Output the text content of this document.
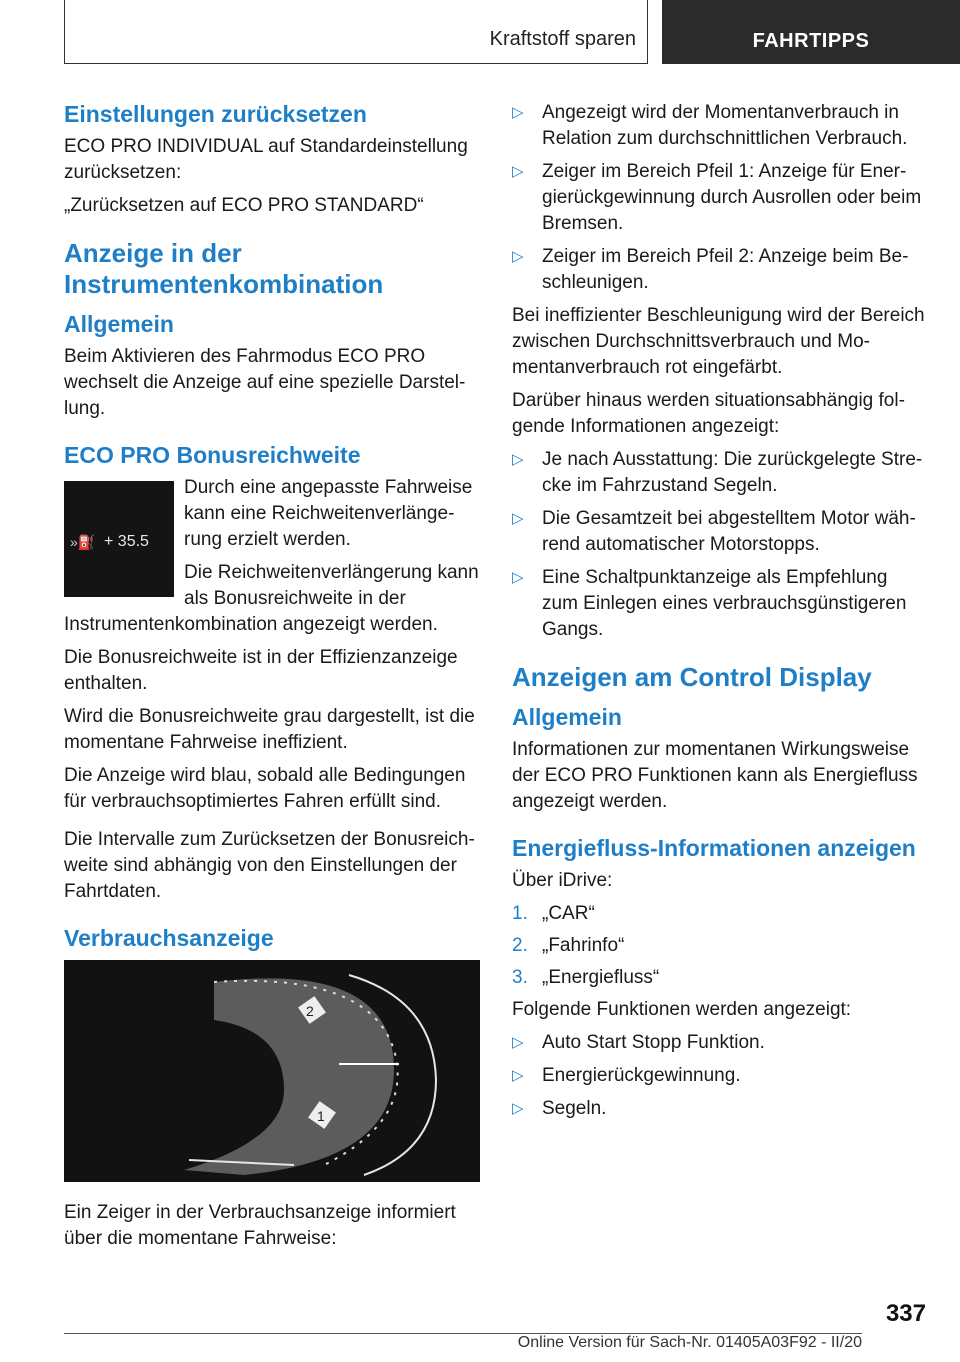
Kraftstoff sparen	FAHRTIPPS
Einstellungen zurücksetzen

ECO PRO INDIVIDUAL auf Standardeinstellung zurücksetzen:

„Zurücksetzen auf ECO PRO STANDARD“

Anzeige in der Instrumentenkombination
Allgemein

Beim Aktivieren des Fahrmodus ECO PRO wechselt die Anzeige auf eine spezielle Darstellung.

ECO PRO Bonusreichweite
»⛽ + 35.5

Durch eine angepasste Fahrweise kann eine Reichweitenverlängerung erzielt werden.

Die Reichweitenverlängerung kann als Bonusreichweite in der Instrumentenkombination angezeigt werden.

Die Bonusreichweite ist in der Effizienzanzeige enthalten.

Wird die Bonusreichweite grau dargestellt, ist die momentane Fahrweise ineffizient.

Die Anzeige wird blau, sobald alle Bedingungen für verbrauchsoptimiertes Fahren erfüllt sind.

Die Intervalle zum Zurücksetzen der Bonusreichweite sind abhängig von den Einstellungen der Fahrtdaten.

Verbrauchsanzeige
2
1

Ein Zeiger in der Verbrauchsanzeige informiert über die momentane Fahrweise:

▷ Angezeigt wird der Momentanverbrauch in Relation zum durchschnittlichen Verbrauch.
▷ Zeiger im Bereich Pfeil 1: Anzeige für Energierückgewinnung durch Ausrollen oder beim Bremsen.
▷ Zeiger im Bereich Pfeil 2: Anzeige beim Beschleunigen.

Bei ineffizienter Beschleunigung wird der Bereich zwischen Durchschnittsverbrauch und Momentanverbrauch rot eingefärbt.

Darüber hinaus werden situationsabhängig folgende Informationen angezeigt:

▷ Je nach Ausstattung: Die zurückgelegte Strecke im Fahrzustand Segeln.
▷ Die Gesamtzeit bei abgestelltem Motor während automatischer Motorstopps.
▷ Eine Schaltpunktanzeige als Empfehlung zum Einlegen eines verbrauchsgünstigeren Gangs.
Anzeigen am Control Display
Allgemein

Informationen zur momentanen Wirkungsweise der ECO PRO Funktionen kann als Energiefluss angezeigt werden.

Energiefluss-Informationen anzeigen

Über iDrive:

1. „CAR“
2. „Fahrinfo“
3. „Energiefluss“

Folgende Funktionen werden angezeigt:

▷ Auto Start Stopp Funktion.
▷ Energierückgewinnung.
▷ Segeln.
337
Online Version für Sach-Nr. 01405A03F92 - II/20
